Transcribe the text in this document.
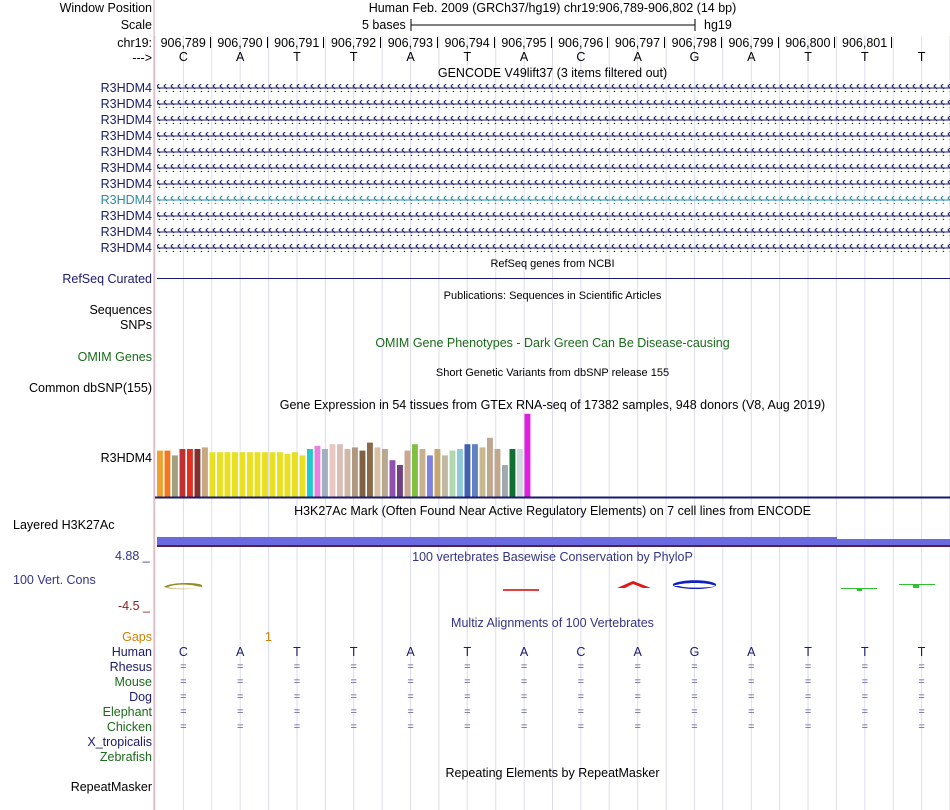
Window Position	Human Feb. 2009 (GRCh37/hg19) chr19:906,789-906,802 (14 bp)
Scale	5 bases	hg19
chr19: 906,789 906,790 906,791 906,792 906,793 906,794 906,795 906,796 906,797 906,798 906,799 906,800 906,801
--->	C	A	T	T	A	T	A	C	A	G	A	T	T	T
GENCODE V49lift37 (3 items filtered out)
R3HDM4
R3HDM4
R3HDM4
R3HDM4
R3HDM4
R3HDM4
R3HDM4
R3HDM4
R3HDM4
R3HDM4
R3HDM4
RefSeq genes from NCBI
RefSeq Curated
Publications: Sequences in Scientific Articles
Sequences
SNPs
OMIM Gene Phenotypes - Dark Green Can Be Disease-causing
OMIM Genes
Short Genetic Variants from dbSNP release 155
Common dbSNP(155)
Gene Expression in 54 tissues from GTEx RNA-seq of 17382 samples, 948 donors (V8, Aug 2019)
R3HDM4
H3K27Ac Mark (Often Found Near Active Regulatory Elements) on 7 cell lines from ENCODE
Layered H3K27Ac
4.88 _	100 vertebrates Basewise Conservation by PhyloP
100 Vert. Cons
-4.5 _
Multiz Alignments of 100 Vertebrates
Gaps	1
Human	C	A	T	T	A	T	A	C	A	G	A	T	T	T
Rhesus	=	=	=	=	=	=	=	=	=	=	=	=	=	=
Mouse	=	=	=	=	=	=	=	=	=	=	=	=	=	=
Dog	=	=	=	=	=	=	=	=	=	=	=	=	=	=
Elephant	=	=	=	=	=	=	=	=	=	=	=	=	=	=
Chicken	=	=	=	=	=	=	=	=	=	=	=	=	=	=
X_tropicalis
Zebrafish
Repeating Elements by RepeatMasker
RepeatMasker
